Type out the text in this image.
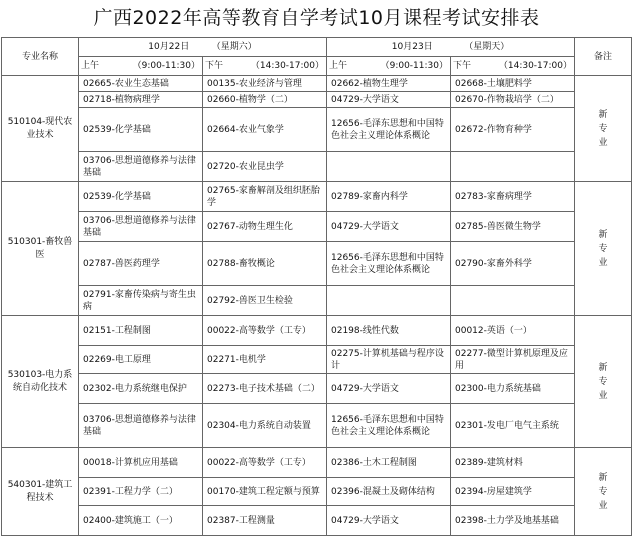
广西2022年高等教育自学考试10月课程考试安排表
专业名称	10月22日　　　（星期六）		10月23日　　　　（星期天）		备注

	上午 （9:00-11:30）	下午 （14:30-17:00）	上午 （9:00-11:30）	下午 （14:30-17:00）	

510104-现代农业技术	02665-农业生态基础	00135-农业经济与管理	02662-植物生理学	02668-土壤肥料学	新专业

	02718-植物病理学	02660-植物学（二）	04729-大学语文	02670-作物栽培学（二）	
	02539-化学基础	02664-农业气象学	12656-毛泽东思想和中国特色社会主义理论体系概论	02672-作物育种学	
	03706-思想道德修养与法律基础	02720-农业昆虫学			
510301-畜牧兽医	02539-化学基础	02765-家畜解剖及组织胚胎学	02789-家畜内科学	02783-家畜病理学	新专业

	03706-思想道德修养与法律基础	02767-动物生理生化	04729-大学语文	02785-兽医微生物学	
	02787-兽医药理学	02788-畜牧概论	12656-毛泽东思想和中国特色社会主义理论体系概论	02790-家畜外科学	
	02791-家畜传染病与寄生虫病	02792-兽医卫生检验			
530103-电力系统自动化技术	02151-工程制图	00022-高等数学（工专）	02198-线性代数	00012-英语（一）	新专业

	02269-电工原理	02271-电机学	02275-计算机基础与程序设计	02277-微型计算机原理及应用	
	02302-电力系统继电保护	02273-电子技术基础（二）	04729-大学语文	02300-电力系统基础	
	03706-思想道德修养与法律基础	02304-电力系统自动装置	12656-毛泽东思想和中国特色社会主义理论体系概论	02301-发电厂电气主系统	
540301-建筑工程技术	00018-计算机应用基础	00022-高等数学（工专）	02386-土木工程制图	02389-建筑材料	新专业

	02391-工程力学（二）	00170-建筑工程定额与预算	02396-混凝土及砌体结构	02394-房屋建筑学	
	02400-建筑施工（一）	02387-工程测量	04729-大学语文	02398-土力学及地基基础	
